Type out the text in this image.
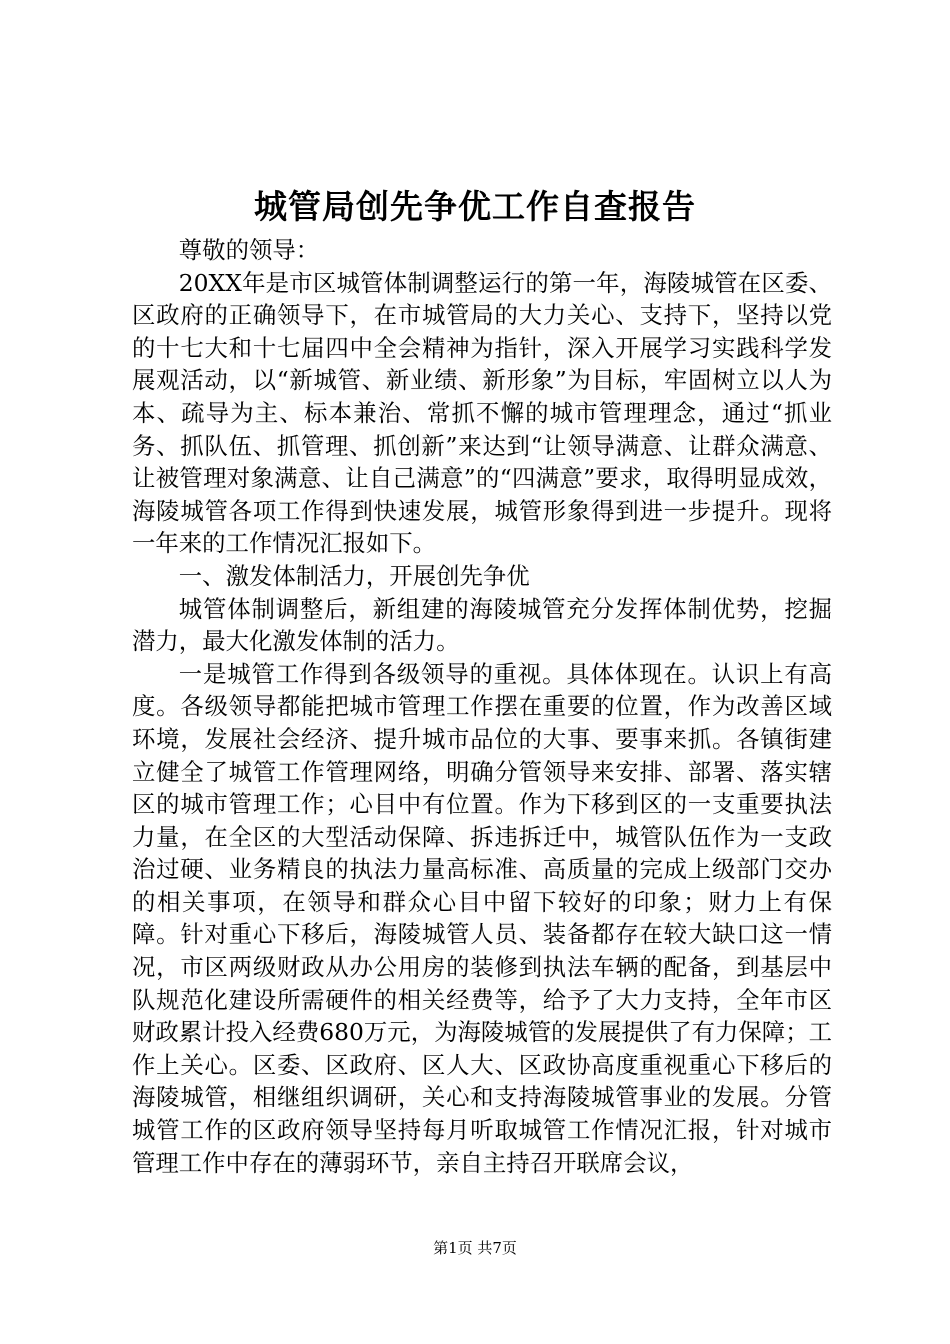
城管局创先争优工作自查报告

尊敬的领导：

20XX年是市区城管体制调整运行的第一年，海陵城管在区委、区政府的正确领导下，在市城管局的大力关心、支持下，坚持以党的十七大和十七届四中全会精神为指针，深入开展学习实践科学发展观活动，以“新城管、新业绩、新形象”为目标，牢固树立以人为本、疏导为主、标本兼治、常抓不懈的城市管理理念，通过“抓业务、抓队伍、抓管理、抓创新”来达到“让领导满意、让群众满意、让被管理对象满意、让自己满意”的“四满意”要求，取得明显成效，海陵城管各项工作得到快速发展，城管形象得到进一步提升。现将一年来的工作情况汇报如下。

一、激发体制活力，开展创先争优

城管体制调整后，新组建的海陵城管充分发挥体制优势，挖掘潜力，最大化激发体制的活力。

一是城管工作得到各级领导的重视。具体体现在。认识上有高度。各级领导都能把城市管理工作摆在重要的位置，作为改善区域环境，发展社会经济、提升城市品位的大事、要事来抓。各镇街建立健全了城管工作管理网络，明确分管领导来安排、部署、落实辖区的城市管理工作；心目中有位置。作为下移到区的一支重要执法力量，在全区的大型活动保障、拆违拆迁中，城管队伍作为一支政治过硬、业务精良的执法力量高标准、高质量的完成上级部门交办的相关事项，在领导和群众心目中留下较好的印象；财力上有保障。针对重心下移后，海陵城管人员、装备都存在较大缺口这一情况，市区两级财政从办公用房的装修到执法车辆的配备，到基层中队规范化建设所需硬件的相关经费等，给予了大力支持，全年市区财政累计投入经费680万元，为海陵城管的发展提供了有力保障；工作上关心。区委、区政府、区人大、区政协高度重视重心下移后的海陵城管，相继组织调研，关心和支持海陵城管事业的发展。分管城管工作的区政府领导坚持每月听取城管工作情况汇报，针对城市管理工作中存在的薄弱环节，亲自主持召开联席会议，

第1页 共7页
